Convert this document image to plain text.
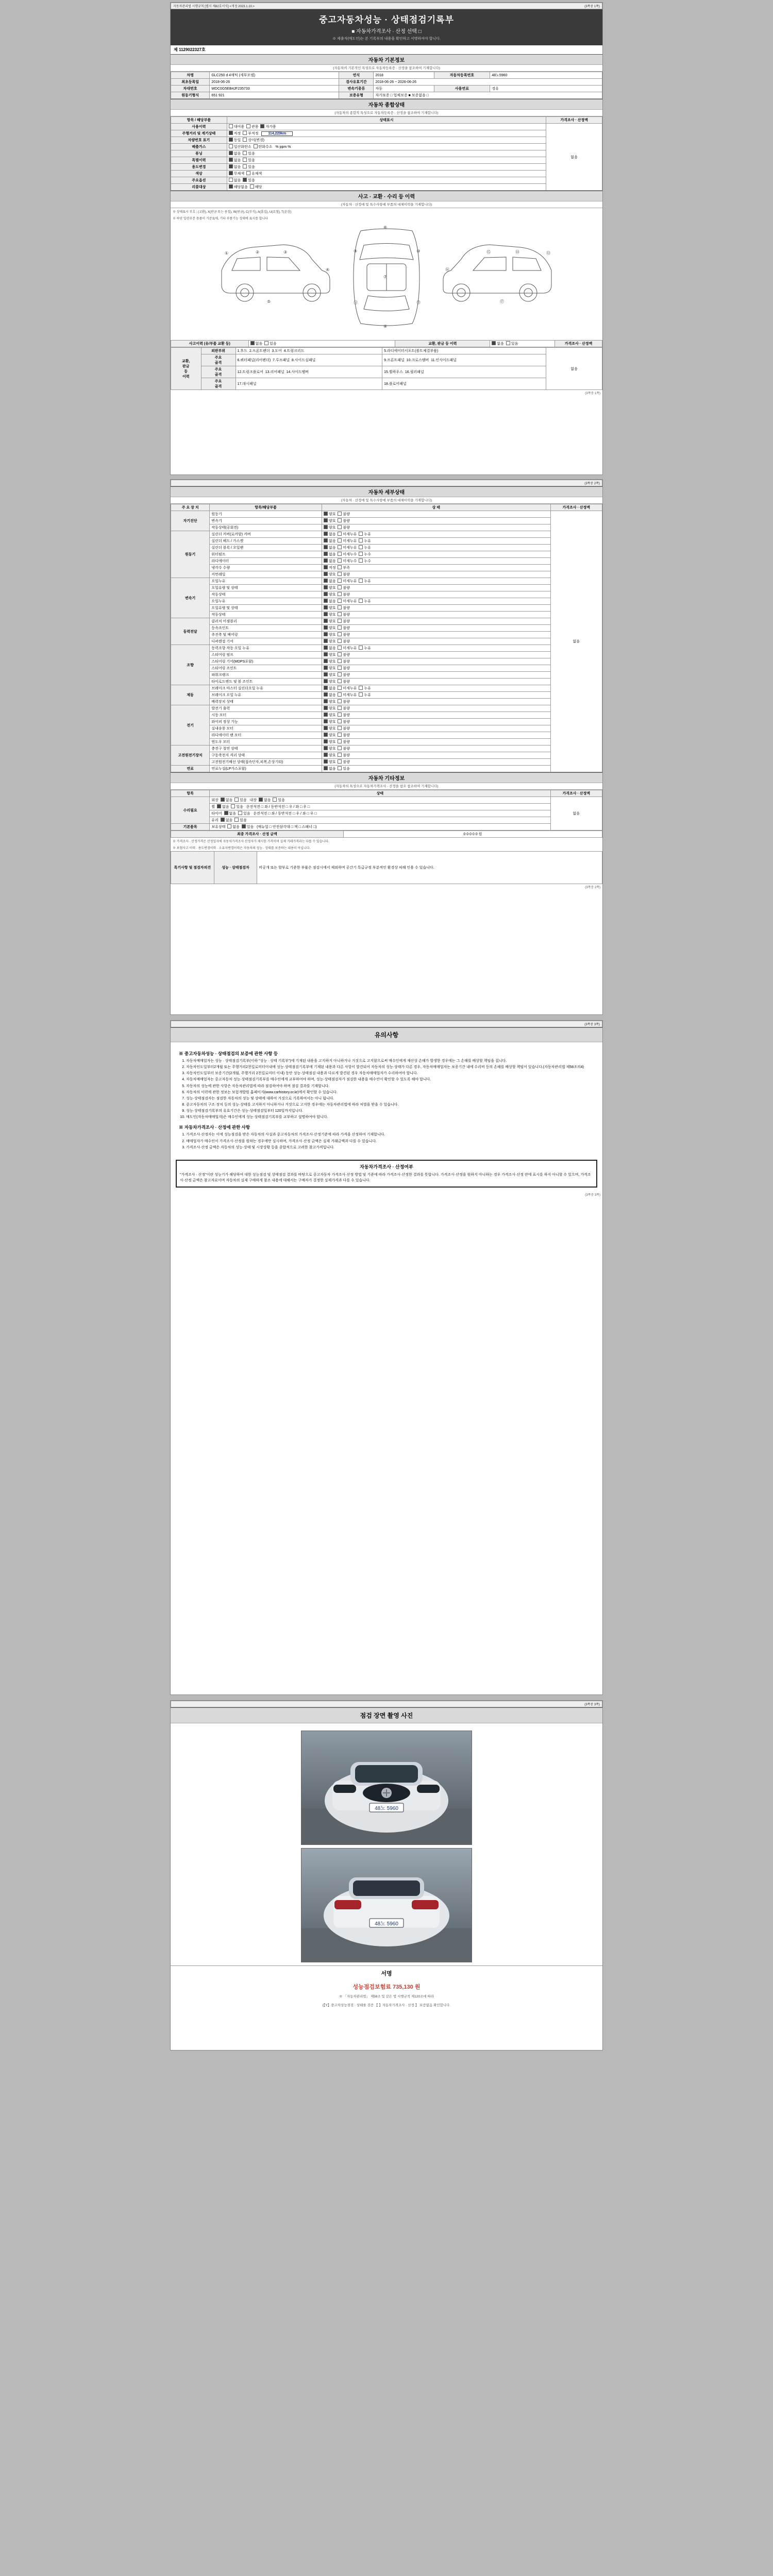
자동차관리법 시행규칙 [별지 제82호서식] <개정 2023.1.10.>	(3쪽중 1쪽)
중고자동차성능 · 상태점검기록부
■ 자동차가격조사 · 산정 선택 □
※ 제출자(매도인)는 본 기록부의 내용을 확인하고 서명하여야 합니다.
제 1129022327호
자동차 기본정보
(자동차의 기본적인 특성으로 자동차등록증 · 산정을 참조하여 기재합니다)
차명	GLC250 d 4매틱 (세부모델)	연식	2018	자동차등록번호	48노5960
최초등록일	2018-06-26	검사유효기간	2018-06-26 ~ 2026-06-26		
차대번호	WDC0G5EB4JF235733	변속기종류	자동	사용연료	경유
원동기형식	651 921	보증유형	자가보증 □ 업체보증 ■ 보증없음 □		
자동차 종합상태
(자동차의 종합적 특성으로 자동차등록증 · 산정을 참조하여 기재합니다)
항목 / 해당부품	상태표시	가격조사 · 산정액
사용이력	대여용 관용 자가용	없음
주행거리 및 계기상태	적정 부적정 114,229km	
차량번호 표기	동일 상이(변경)	
배출가스	일산화탄소 탄화수소 % ppm %	
튜닝	없음 있음	
특별이력	없음 있음	
용도변경	없음 있음	
색상	무채색 유채색	
주요옵션	없음 있음	
리콜대상	해당없음 해당	
사고 · 교환 · 수리 등 이력
(자동차 · 산정에 및 특수사항에 부품의 대체이력을 기재합니다)
※ 상태표시 부호 : (교환), X(판금 또는 용접), W(판금), C(부식), A(흠집), U(요철), T(손상)
※ 하단 일련부분 용품이 기준표에, 기타 부품기능 상태에 표시를 합니다
①	②	③
④
⑤
⑥
⑦
⑧
⑨	⑩
⑪	⑫
⑬
⑭
⑮
⑯
⑰
사고이력 (유/부품 교환 등)	없음  있음	교환, 판금 등 이력	없음  있음	가격조사 · 산정액
교환,
판금
등
이력	외판부위	1.후드 2.프론트펜더 3.도어 4.트렁크리드	5.라디에이터서포트(볼트체결부품)	없음
	주요
골격	6.쿼터패널(리어펜더) 7.루프패널 8.사이드실패널	9.프론트패널 10.크로스멤버 11.인사이드패널	
	주요
골격	12.트렁크플로어 13.리어패널 14.사이드멤버	15.휠하우스 16.필러패널	
	주요
골격	17.대시패널	18.플로어패널	
(3쪽중 1쪽)

(3쪽중 2쪽)
자동차 세부상태
(자동차 · 산정에 및 특수사항에 부품의 대체이력을 기재합니다)
주 요 장 치	항목/해당부품	상 태	가격조사 · 산정액
자기진단	원동기	양호  불량	없음
	변속기	양호  불량	
	작동상태(공회전)	양호  불량	
원동기	실린더 커버(로커암) 커버	없음  미세누유  누유	
	실린더 헤드 / 가스켓	없음  미세누유  누유	
	실린더 블록 / 오일팬	없음  미세누유  누유	
	워터펌프	없음  미세누수  누수	
	라디에이터	없음  미세누수  누수	
	냉각수 수량	적정  부족	
	커먼레일	양호  불량	
변속기	오일누유	없음  미세누유  누유	
	오일유량 및 상태	양호  불량	
	작동상태	양호  불량	
	오일누유	없음  미세누유  누유	
	오일유량 및 상태	양호  불량	
	작동상태	양호  불량	
동력전달	클러치 어셈블리	양호  불량	
	등속조인트	양호  불량	
	추진축 및 베어링	양호  불량	
	디퍼렌셜 기어	양호  불량	
조향	동력조향 작동 오일 누유	없음  미세누유  누유	
	스티어링 펌프	양호  불량	
	스티어링 기어(MDPS포함)	양호  불량	
	스티어링 조인트	양호  불량	
	파워크랭크	양호  불량	
	타이로드엔드 및 볼 조인트	양호  불량	
제동	브레이크 마스터 실린더오일 누유	없음  미세누유  누유	
	브레이크 오일 누유	없음  미세누유  누유	
	배력장치 상태	양호  불량	
전기	발전기 출력	양호  불량	
	시동 모터	양호  불량	
	와이퍼 정상 기능	양호  불량	
	실내송풍 모터	양호  불량	
	라디에이터 팬 모터	양호  불량	
	윈도우 모터	양호  불량	
고전원전기장치	충전구 절연 상태	양호  불량	
	구동축전지 격리 상태	양호  불량	
	고전원전기배선 상태(접속단자,피복,손상기타)	양호  불량	
연료	연료누설(LP가스포함)	없음  있음	
자동차 기타정보
(자동차의 특성으로 자동차가격조사 · 산정을 참조 참조하여 기재합니다)
항목	상태	가격조사 · 산정액
수리필요	외장 없음 있음 내장 없음 있음	없음
	휠 없음 있음 운전석전 □ 좌 / 동반석전 □ 우 / 좌 □ 우 □	
	타이어 없음 있음 운전석전 □ 좌 / 동반석전 □ 우 / 좌 □ 우 □	
	유리 없음 있음	
기본품목	보유상태 없음 있음 (매뉴얼 □ 안전삼각대 □ 잭 □ 스패너 □)	
최종 가격조사 · 산정 금액	0 0 0 0 0 원
※ 가격조사 · 산정가격은 산정일자에 자동차가격조사 산정자가 제시한 가격이며 실제 거래가격과는 다를 수 있습니다.
※ 보험사고 이력 · 용도변경이력 · 소유자변경이력은 자동차의 성능 · 상태를 보증하는 내용이 아닙니다.
특기사항 및 점검자의견	성능 · 상태점검자	비공개 또는 할부로 기준한 부품은 점검시에서 제외하며 공간기 특급규정 부분적인 환경상 피해 인용 수 있습니다.
(3쪽중 2쪽)

(3쪽중 3쪽)
유의사항
※ 중고자동차성능 · 상태점검의 보증에 관한 사항 등
1. 자동차매매업자는 성능 · 상태점검기록부(이하 "성능 · 상태 기록부")에 기재된 내용을 고지하지 아니하거나 거짓으로 고지함으로써 매수인에게 재산상 손해가 발생한 경우에는 그 손해를 배상할 책임을 집니다.
2. 자동차인도일부터2개월 또는 주행거리2천킬로미터이내에 성능·상태점검기록부에 기재된 내용과 다른 사항이 발견되어 자동차의 성능·상태가 다른 경우, 자동차매매업자는 보증기간 내에 수리비 등의 손해를 배상할 책임이 있습니다.(자동차관리법 제58조의4)
3. 자동차인도일부터 보증기간(2개월, 주행거리 2천킬로미터 이내) 동안 성능·상태점검 내용과 다르게 발견된 경우 자동차매매업자가 수리하여야 합니다.
4. 자동차매매업자는 중고자동차 성능·상태점검기록부를 매수인에게 교부하여야 하며, 성능·상태점검자가 점검한 내용을 매수인이 확인할 수 있도록 해야 합니다.
5. 자동차의 성능에 관한 사항은 자동차관리법에 따라 점검하여야 하며 점검 결과를 기재합니다.
6. 자동차의 이력에 관한 정보는 보험개발원 홈페이지(www.carhistory.or.kr)에서 확인할 수 있습니다.
7. 성능·상태점검자는 점검한 자동차의 성능 및 상태에 대하여 거짓으로 기록하여서는 아니 됩니다.
8. 중고자동차의 구조·장치 등의 성능·상태를 고지하지 아니하거나 거짓으로 고지한 경우에는 자동차관리법에 따라 처벌을 받을 수 있습니다.
9. 성능·상태점검기록부의 유효기간은 성능·상태점검일부터 120일까지입니다.
10. 매도인(자동차매매업자)은 매수인에게 성능·상태점검기록부를 교부하고 설명하여야 합니다.
※ 자동차가격조사 · 산정에 관한 사항
1. 가격조사·산정자는 이에 성능점검을 받은 자동차의 사실과 중고자동차의 가격조사·산정기준에 따라 가격을 산정하여 기재합니다.
2. 매매업자가 매수인이 가격조사·산정을 원하는 경우에만 실시하며, 가격조사·산정 금액은 실제 거래금액과 다를 수 있습니다.
3. 가격조사·산정 금액은 자동차의 성능·상태 및 시장상황 등을 종합적으로 고려한 참고가격입니다.
자동차가격조사 · 산정여부
"가격조사 · 산정"이란 성능기가 해당하여 대한 성능점검 및 상태점검 결과를 바탕으로 중고자동차 가격조사·산정 방법 및 기준에 따라 가격조사·산정한 결과를 뜻합니다. 가격조사·산정을 원하지 아니하는 경우 가격조사·산정 란에 표시를 하지 아니할 수 있으며, 가격조사·산정 금액은 참고자료이며 자동차의 실제 구매하게 참조 내용에 대해서는 구매자가 결정한 실제가격과 다를 수 있습니다.
(3쪽중 3쪽)

(3쪽중 3쪽)
점검 장면 촬영 사진
48노 5960
48노 5960
서명
성능점검보험료 735,130 원
※ 「자동차관리법」 제58조 및 같은 법 시행규칙 제120조에 따라
(【Y】중고차성능점검 · 상태를 검증 【 】자동차가격조사 · 산정 】 보증없음 확인합니다.
